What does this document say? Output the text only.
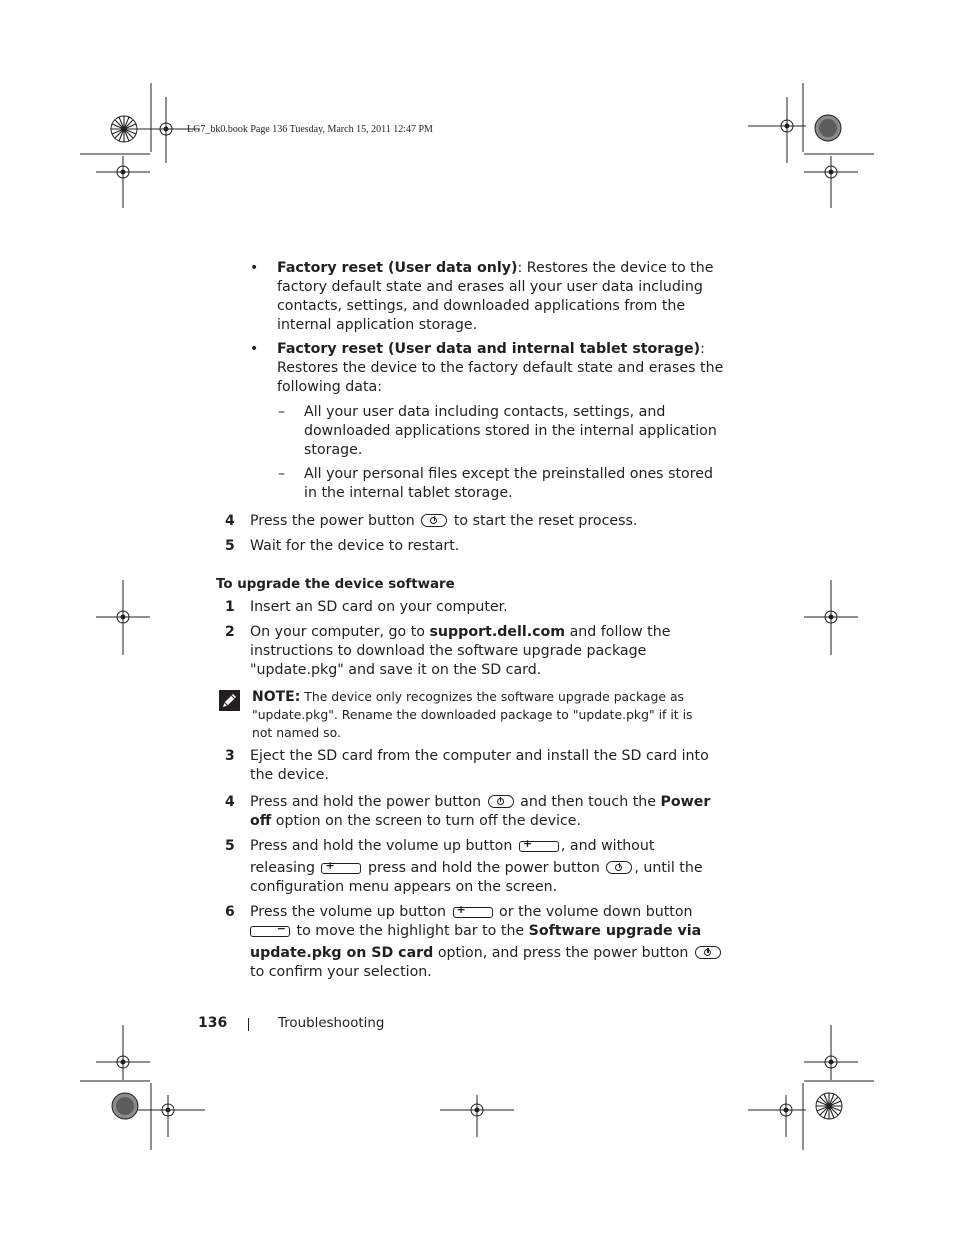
LG7_bk0.book Page 136 Tuesday, March 15, 2011 12:47 PM
• Factory reset (User data only): Restores the device to the
factory default state and erases all your user data including
contacts, settings, and downloaded applications from the
internal application storage.
• Factory reset (User data and internal tablet storage):
Restores the device to the factory default state and erases the
following data:
– All your user data including contacts, settings, and
downloaded applications stored in the internal application
storage.
– All your personal files except the preinstalled ones stored
in the internal tablet storage.
4 Press the power button	to start the reset process.
5 Wait for the device to restart.
To upgrade the device software
1 Insert an SD card on your computer.
2 On your computer, go to support.dell.com and follow the
instructions to download the software upgrade package
"update.pkg" and save it on the SD card.
NOTE: The device only recognizes the software upgrade package as
"update.pkg". Rename the downloaded package to "update.pkg" if it is
not named so.
3 Eject the SD card from the computer and install the SD card into
the device.
4 Press and hold the power button	and then touch the Power
off option on the screen to turn off the device.
5 Press and hold the volume up button + , and without
releasing + press and hold the power button , until the
configuration menu appears on the screen.
6 Press the volume up button + or the volume down button
− to move the highlight bar to the Software upgrade via
update.pkg on SD card option, and press the power button
to confirm your selection.
136	Troubleshooting
